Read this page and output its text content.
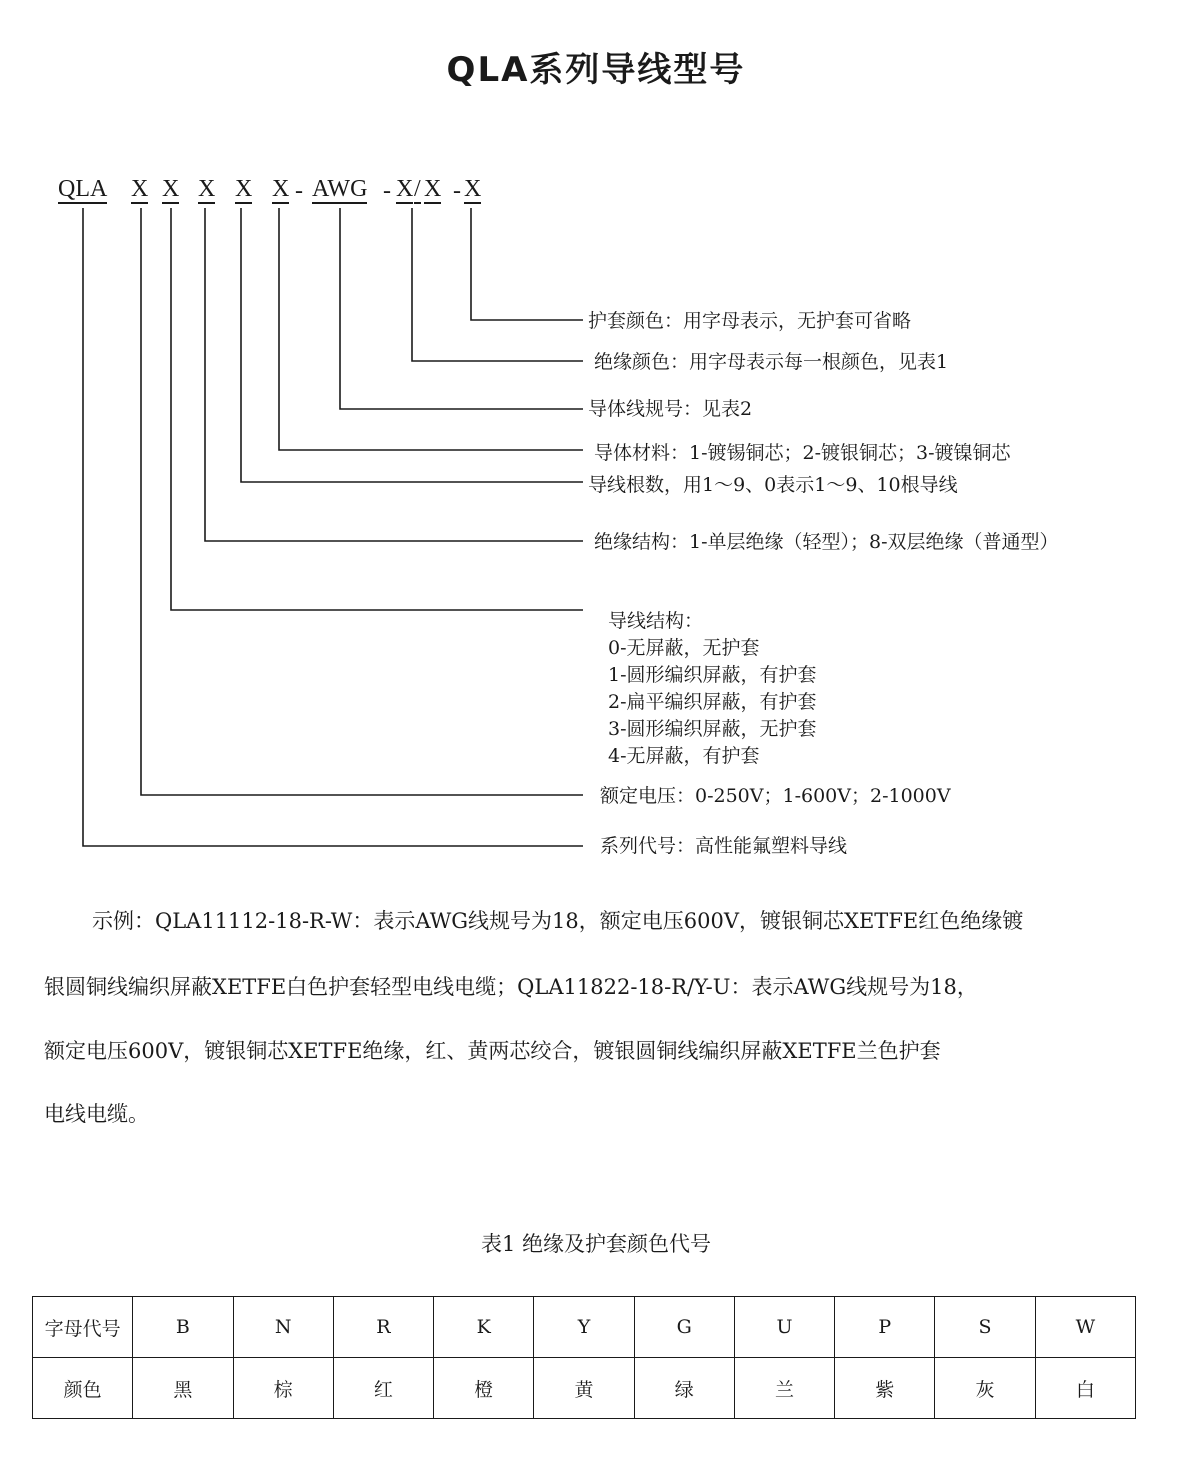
QLA系列导线型号
QLA X X X X X - AWG - X / X - X
护套颜色：用字母表示，无护套可省略
绝缘颜色：用字母表示每一根颜色，见表1
导体线规号：见表2
导体材料：1-镀锡铜芯；2-镀银铜芯；3-镀镍铜芯
导线根数，用1～9、0表示1～9、10根导线
绝缘结构：1-单层绝缘（轻型）；8-双层绝缘（普通型）
导线结构：
0-无屏蔽，无护套
1-圆形编织屏蔽，有护套
2-扁平编织屏蔽，有护套
3-圆形编织屏蔽，无护套
4-无屏蔽，有护套
额定电压：0-250V；1-600V；2-1000V
系列代号：高性能氟塑料导线
示例：QLA11112-18-R-W：表示AWG线规号为18，额定电压600V，镀银铜芯XETFE红色绝缘镀
银圆铜线编织屏蔽XETFE白色护套轻型电线电缆；QLA11822-18-R/Y-U：表示AWG线规号为18，
额定电压600V，镀银铜芯XETFE绝缘，红、黄两芯绞合，镀银圆铜线编织屏蔽XETFE兰色护套
电线电缆。
表1 绝缘及护套颜色代号
字母代号	B	N	R	K	Y	G	U	P	S	W
颜色	黑	棕	红	橙	黄	绿	兰	紫	灰	白
